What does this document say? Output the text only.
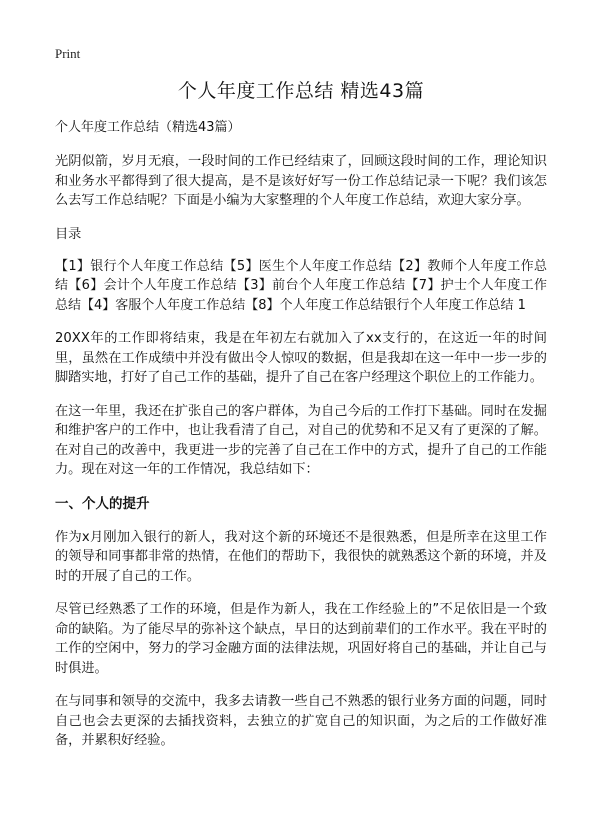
Print
个人年度工作总结 精选43篇
个人年度工作总结（精选43篇）

光阴似箭，岁月无痕，一段时间的工作已经结束了，回顾这段时间的工作，理论知识和业务水平都得到了很大提高，是不是该好好写一份工作总结记录一下呢？我们该怎么去写工作总结呢？下面是小编为大家整理的个人年度工作总结，欢迎大家分享。

目录
【1】银行个人年度工作总结【5】医生个人年度工作总结【2】教师个人年度工作总结【6】会计个人年度工作总结【3】前台个人年度工作总结【7】护士个人年度工作总结【4】客服个人年度工作总结【8】个人年度工作总结银行个人年度工作总结 1

20XX年的工作即将结束，我是在年初左右就加入了xx支行的，在这近一年的时间里，虽然在工作成绩中并没有做出令人惊叹的数据，但是我却在这一年中一步一步的脚踏实地，打好了自己工作的基础，提升了自己在客户经理这个职位上的工作能力。

在这一年里，我还在扩张自己的客户群体，为自己今后的工作打下基础。同时在发掘和维护客户的工作中，也让我看清了自己，对自己的优势和不足又有了更深的了解。在对自己的改善中，我更进一步的完善了自己在工作中的方式，提升了自己的工作能力。现在对这一年的工作情况，我总结如下：

一、个人的提升

作为x月刚加入银行的新人，我对这个新的环境还不是很熟悉，但是所幸在这里工作的领导和同事都非常的热情，在他们的帮助下，我很快的就熟悉这个新的环境，并及时的开展了自己的工作。

尽管已经熟悉了工作的环境，但是作为新人，我在工作经验上的”不足依旧是一个致命的缺陷。为了能尽早的弥补这个缺点，早日的达到前辈们的工作水平。我在平时的工作的空闲中，努力的学习金融方面的法律法规，巩固好将自己的基础，并让自己与时俱进。

在与同事和领导的交流中，我多去请教一些自己不熟悉的银行业务方面的问题，同时自己也会去更深的去插找资料，去独立的扩宽自己的知识面，为之后的工作做好准备，并累积好经验。
